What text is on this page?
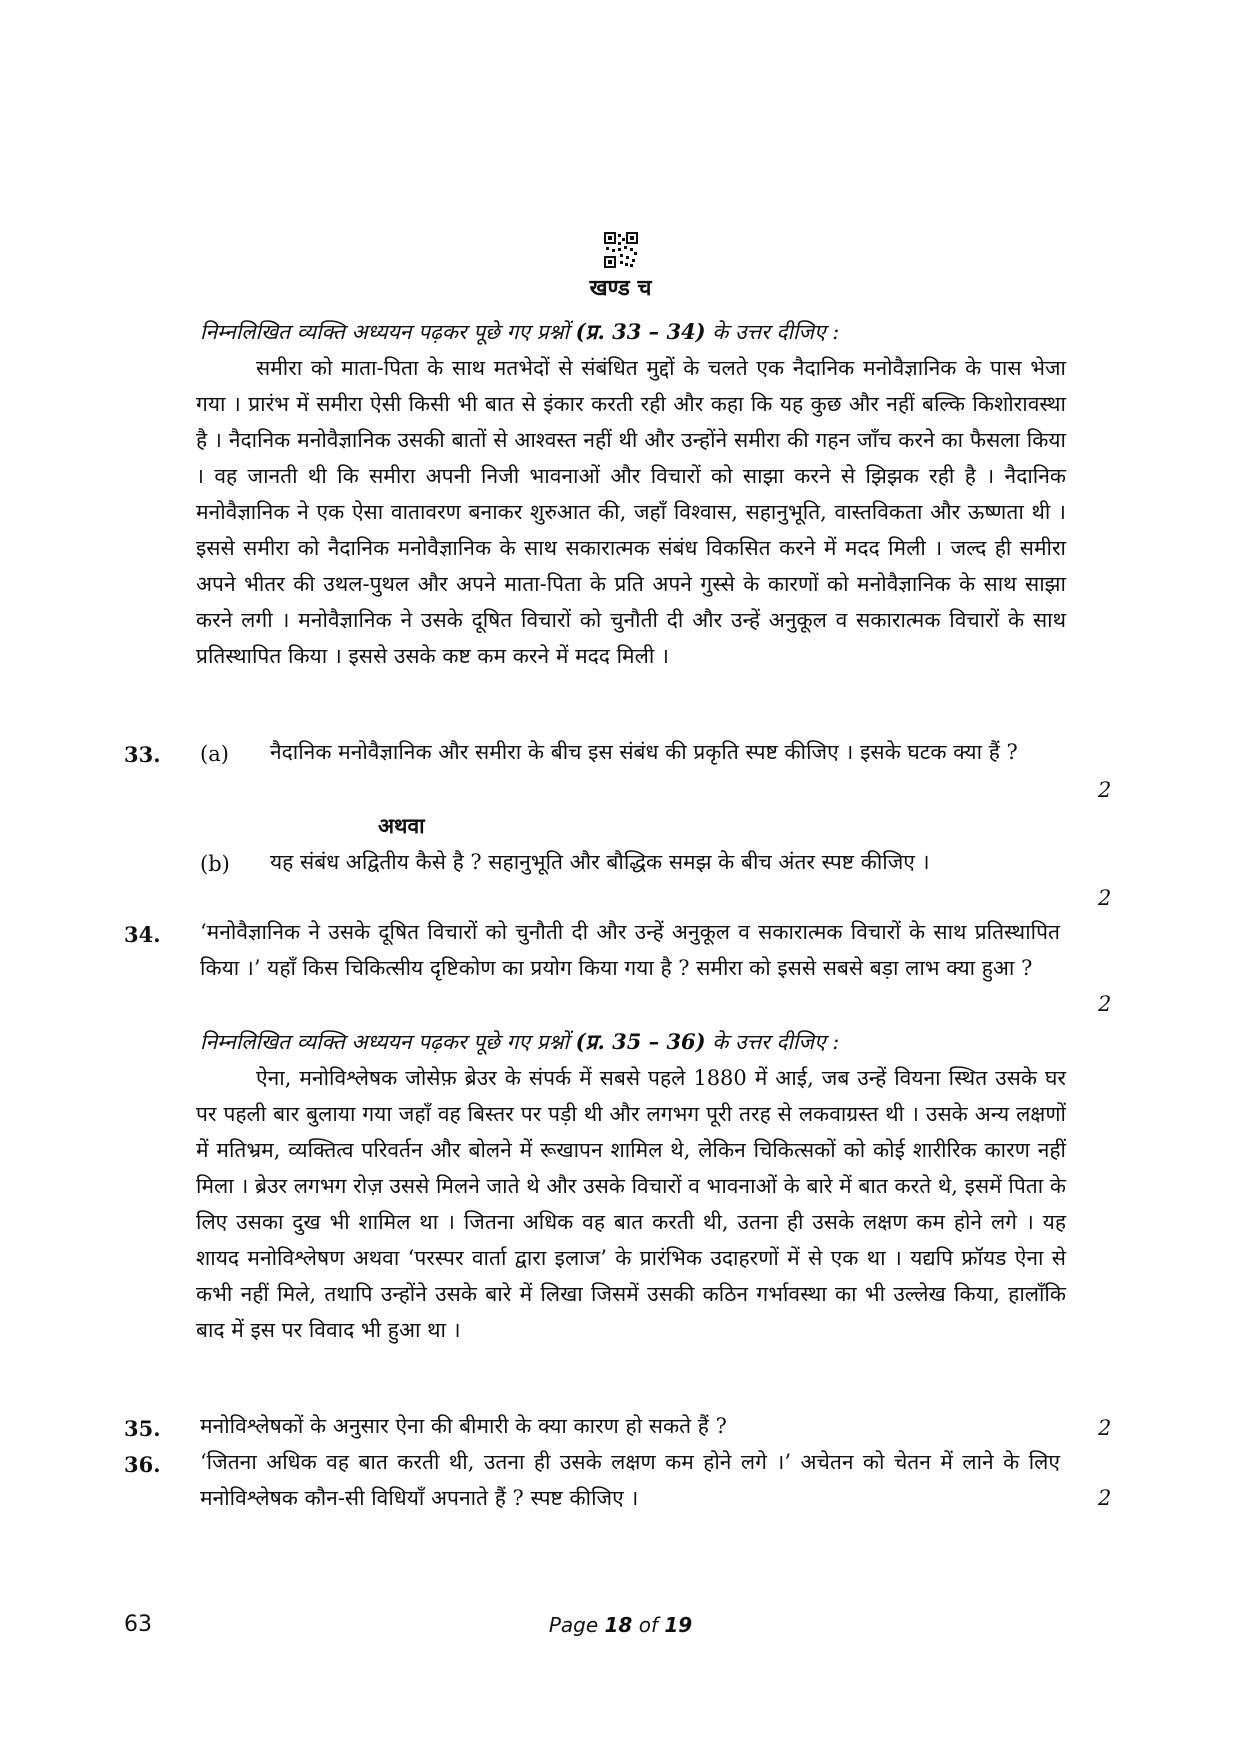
खण्ड च
निम्नलिखित व्यक्ति अध्ययन पढ़कर पूछे गए प्रश्नों (प्र. 33 – 34) के उत्तर दीजिए :

समीरा को माता-पिता के साथ मतभेदों से संबंधित मुद्दों के चलते एक नैदानिक मनोवैज्ञानिक के पास भेजा गया । प्रारंभ में समीरा ऐसी किसी भी बात से इंकार करती रही और कहा कि यह कुछ और नहीं बल्कि किशोरावस्था है । नैदानिक मनोवैज्ञानिक उसकी बातों से आश्वस्त नहीं थी और उन्होंने समीरा की गहन जाँच करने का फैसला किया । वह जानती थी कि समीरा अपनी निजी भावनाओं और विचारों को साझा करने से झिझक रही है । नैदानिक मनोवैज्ञानिक ने एक ऐसा वातावरण बनाकर शुरुआत की, जहाँ विश्वास, सहानुभूति, वास्तविकता और ऊष्णता थी । इससे समीरा को नैदानिक मनोवैज्ञानिक के साथ सकारात्मक संबंध विकसित करने में मदद मिली । जल्द ही समीरा अपने भीतर की उथल-पुथल और अपने माता-पिता के प्रति अपने गुस्से के कारणों को मनोवैज्ञानिक के साथ साझा करने लगी । मनोवैज्ञानिक ने उसके दूषित विचारों को चुनौती दी और उन्हें अनुकूल व सकारात्मक विचारों के साथ प्रतिस्थापित किया । इससे उसके कष्ट कम करने में मदद मिली ।

33. (a) नैदानिक मनोवैज्ञानिक और समीरा के बीच इस संबंध की प्रकृति स्पष्ट कीजिए । इसके घटक क्या हैं ?

2
अथवा
(b) यह संबंध अद्वितीय कैसे है ? सहानुभूति और बौद्धिक समझ के बीच अंतर स्पष्ट कीजिए ।

2
34. ‘मनोवैज्ञानिक ने उसके दूषित विचारों को चुनौती दी और उन्हें अनुकूल व सकारात्मक विचारों के साथ प्रतिस्थापित किया ।’ यहाँ किस चिकित्सीय दृष्टिकोण का प्रयोग किया गया है ? समीरा को इससे सबसे बड़ा लाभ क्या हुआ ?

2
निम्नलिखित व्यक्ति अध्ययन पढ़कर पूछे गए प्रश्नों (प्र. 35 – 36) के उत्तर दीजिए :

ऐना, मनोविश्लेषक जोसेफ़ ब्रेउर के संपर्क में सबसे पहले 1880 में आई, जब उन्हें वियना स्थित उसके घर पर पहली बार बुलाया गया जहाँ वह बिस्तर पर पड़ी थी और लगभग पूरी तरह से लकवाग्रस्त थी । उसके अन्य लक्षणों में मतिभ्रम, व्यक्तित्व परिवर्तन और बोलने में रूखापन शामिल थे, लेकिन चिकित्सकों को कोई शारीरिक कारण नहीं मिला । ब्रेउर लगभग रोज़ उससे मिलने जाते थे और उसके विचारों व भावनाओं के बारे में बात करते थे, इसमें पिता के लिए उसका दुख भी शामिल था । जितना अधिक वह बात करती थी, उतना ही उसके लक्षण कम होने लगे । यह शायद मनोविश्लेषण अथवा ‘परस्पर वार्ता द्वारा इलाज’ के प्रारंभिक उदाहरणों में से एक था । यद्यपि फ्रॉयड ऐना से कभी नहीं मिले, तथापि उन्होंने उसके बारे में लिखा जिसमें उसकी कठिन गर्भावस्था का भी उल्लेख किया, हालाँकि बाद में इस पर विवाद भी हुआ था ।

35. मनोविश्लेषकों के अनुसार ऐना की बीमारी के क्या कारण हो सकते हैं ?	2
36. ‘जितना अधिक वह बात करती थी, उतना ही उसके लक्षण कम होने लगे ।’ अचेतन को चेतन में लाने के लिए मनोविश्लेषक कौन-सी विधियाँ अपनाते हैं ? स्पष्ट कीजिए ।	2
63	Page 18 of 19
